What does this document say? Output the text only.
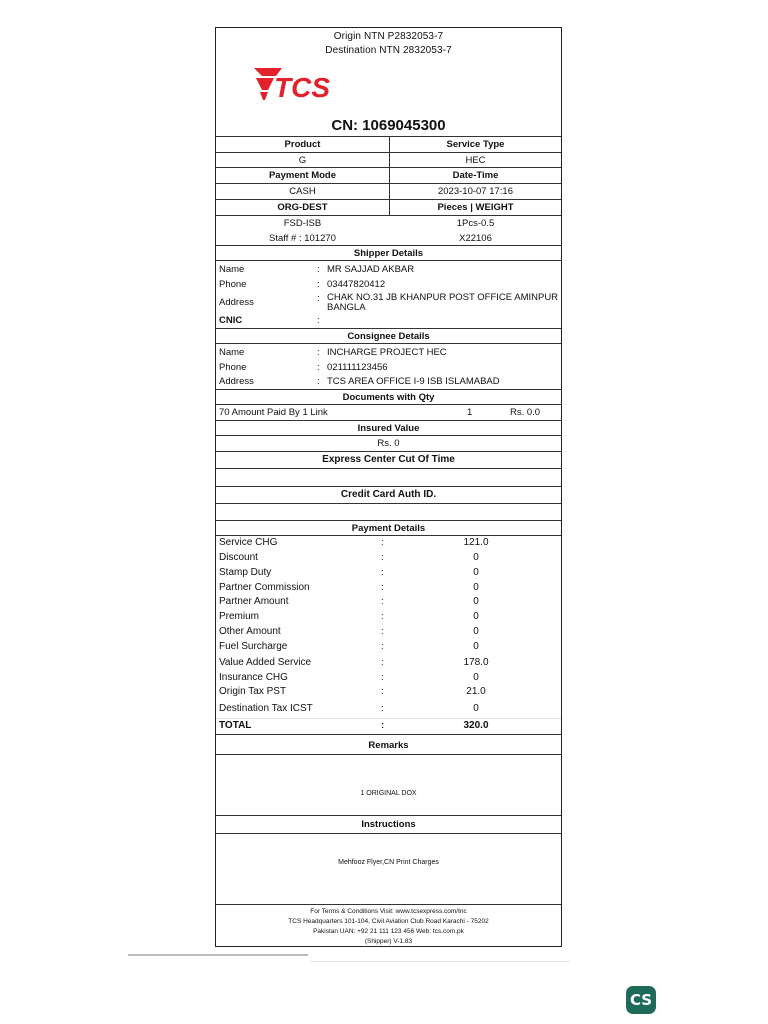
Origin NTN P2832053-7
Destination NTN 2832053-7
TCS
CN: 1069045300
Product	Service Type
G	HEC
Payment Mode	Date-Time
CASH	2023-10-07 17:16
ORG-DEST	Pieces | WEIGHT
FSD-ISB	1Pcs-0.5
Staff # : 101270	X22106
Shipper Details
Name	: MR SAJJAD AKBAR
Phone	: 03447820412
Address	: CHAK NO.31 JB KHANPUR POST OFFICE AMINPUR
BANGLA
CNIC	:
Consignee Details
Name	: INCHARGE PROJECT HEC
Phone	: 021111123456
Address	: TCS AREA OFFICE I-9 ISB ISLAMABAD
Documents with Qty
70 Amount Paid By 1 Link	1	Rs. 0.0
Insured Value
Rs. 0
Express Center Cut Of Time
Credit Card Auth ID.
Payment Details
Service CHG	:	121.0
Discount	:	0
Stamp Duty	:	0
Partner Commission	:	0
Partner Amount	:	0
Premium	:	0
Other Amount	:	0
Fuel Surcharge	:	0
Value Added Service	:	178.0
Insurance CHG	:	0
Origin Tax PST	:	21.0
Destination Tax ICST	:	0
TOTAL	:	320.0
Remarks
1 ORIGINAL DOX
Instructions
Mehfooz Flyer,CN Print Charges
For Terms & Conditions Visit: www.tcsexpress.com/tnc
TCS Headquarters 101-104, Civil Aviation Club Road Karachi - 75202
Pakistan UAN: +92 21 111 123 456 Web: tcs.com.pk
(Shipper) V-1.83
CS
